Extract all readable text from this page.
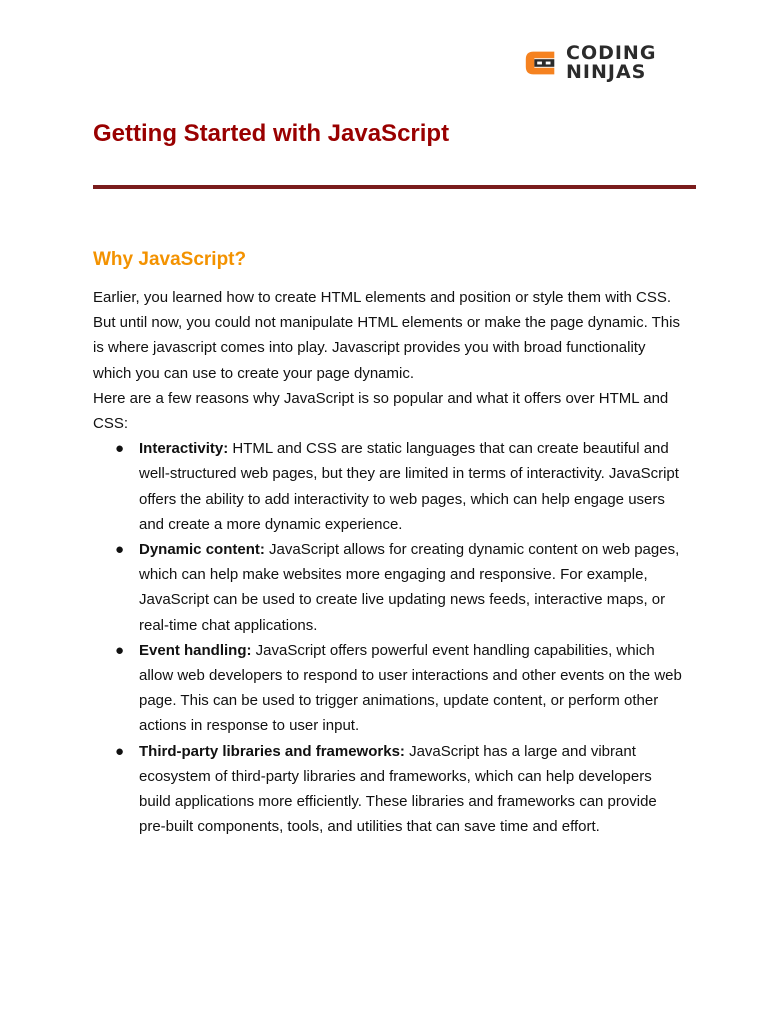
CODING
NINJAS
Getting Started with JavaScript
Why JavaScript?

Earlier, you learned how to create HTML elements and position or style them with CSS. But until now, you could not manipulate HTML elements or make the page dynamic. This is where javascript comes into play. Javascript provides you with broad functionality which you can use to create your page dynamic.

Here are a few reasons why JavaScript is so popular and what it offers over HTML and CSS:

● Interactivity: HTML and CSS are static languages that can create beautiful and well-structured web pages, but they are limited in terms of interactivity. JavaScript offers the ability to add interactivity to web pages, which can help engage users and create a more dynamic experience.
● Dynamic content: JavaScript allows for creating dynamic content on web pages, which can help make websites more engaging and responsive. For example, JavaScript can be used to create live updating news feeds, interactive maps, or real-time chat applications.
● Event handling: JavaScript offers powerful event handling capabilities, which allow web developers to respond to user interactions and other events on the web page. This can be used to trigger animations, update content, or perform other actions in response to user input.
● Third-party libraries and frameworks: JavaScript has a large and vibrant ecosystem of third-party libraries and frameworks, which can help developers build applications more efficiently. These libraries and frameworks can provide pre-built components, tools, and utilities that can save time and effort.
